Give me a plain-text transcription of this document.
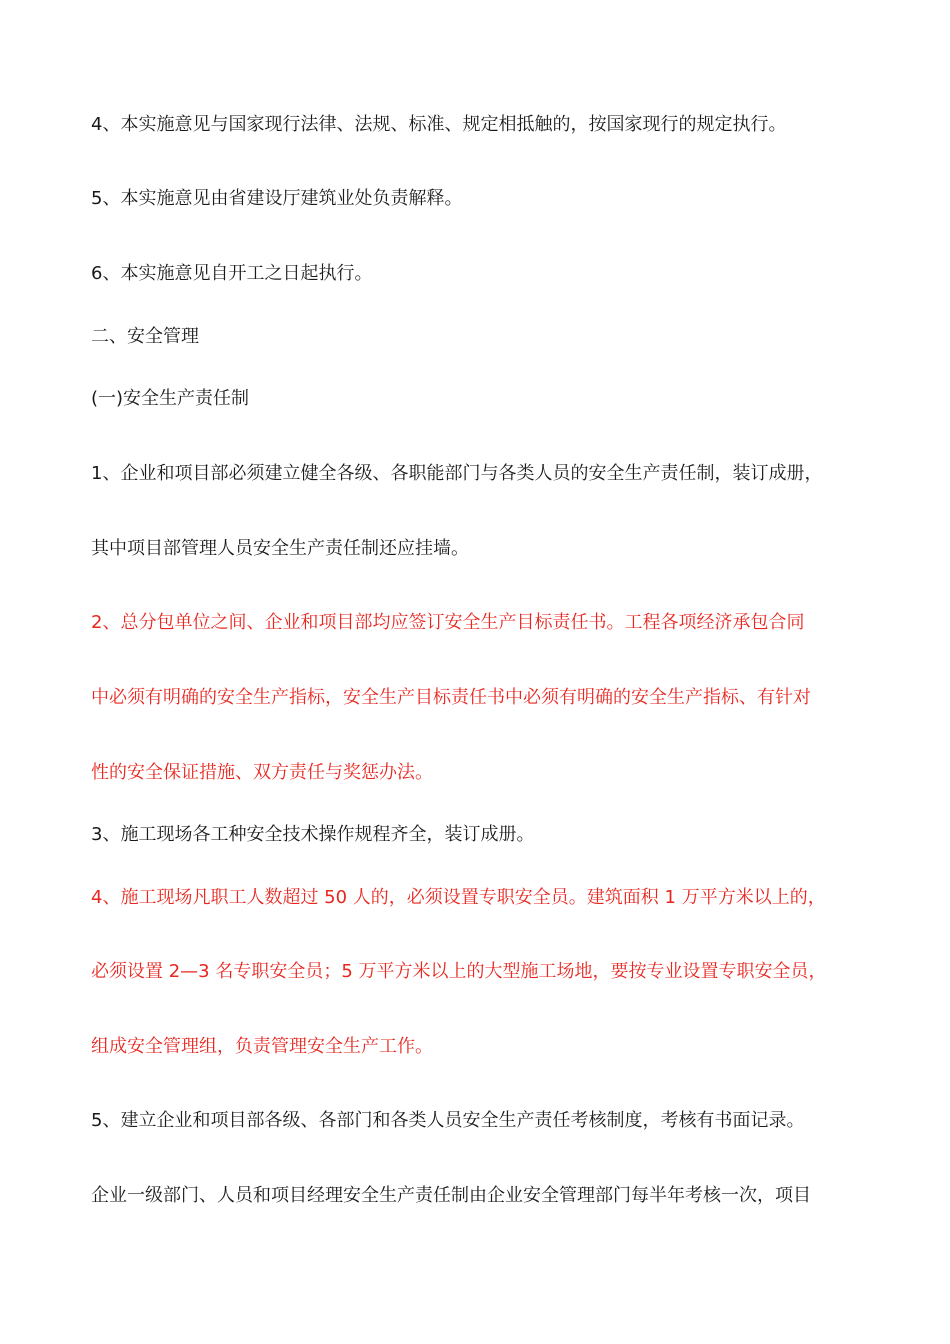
4、本实施意见与国家现行法律、法规、标准、规定相抵触的，按国家现行的规定执行。
5、本实施意见由省建设厅建筑业处负责解释。
6、本实施意见自开工之日起执行。
二、安全管理
(一)安全生产责任制
1、企业和项目部必须建立健全各级、各职能部门与各类人员的安全生产责任制，装订成册，
其中项目部管理人员安全生产责任制还应挂墙。
2、总分包单位之间、企业和项目部均应签订安全生产目标责任书。工程各项经济承包合同
中必须有明确的安全生产指标，安全生产目标责任书中必须有明确的安全生产指标、有针对
性的安全保证措施、双方责任与奖惩办法。
3、施工现场各工种安全技术操作规程齐全，装订成册。
4、施工现场凡职工人数超过 50 人的，必须设置专职安全员。建筑面积 1 万平方米以上的，
必须设置 2—3 名专职安全员；5 万平方米以上的大型施工场地，要按专业设置专职安全员，
组成安全管理组，负责管理安全生产工作。
5、建立企业和项目部各级、各部门和各类人员安全生产责任考核制度，考核有书面记录。
企业一级部门、人员和项目经理安全生产责任制由企业安全管理部门每半年考核一次，项目
